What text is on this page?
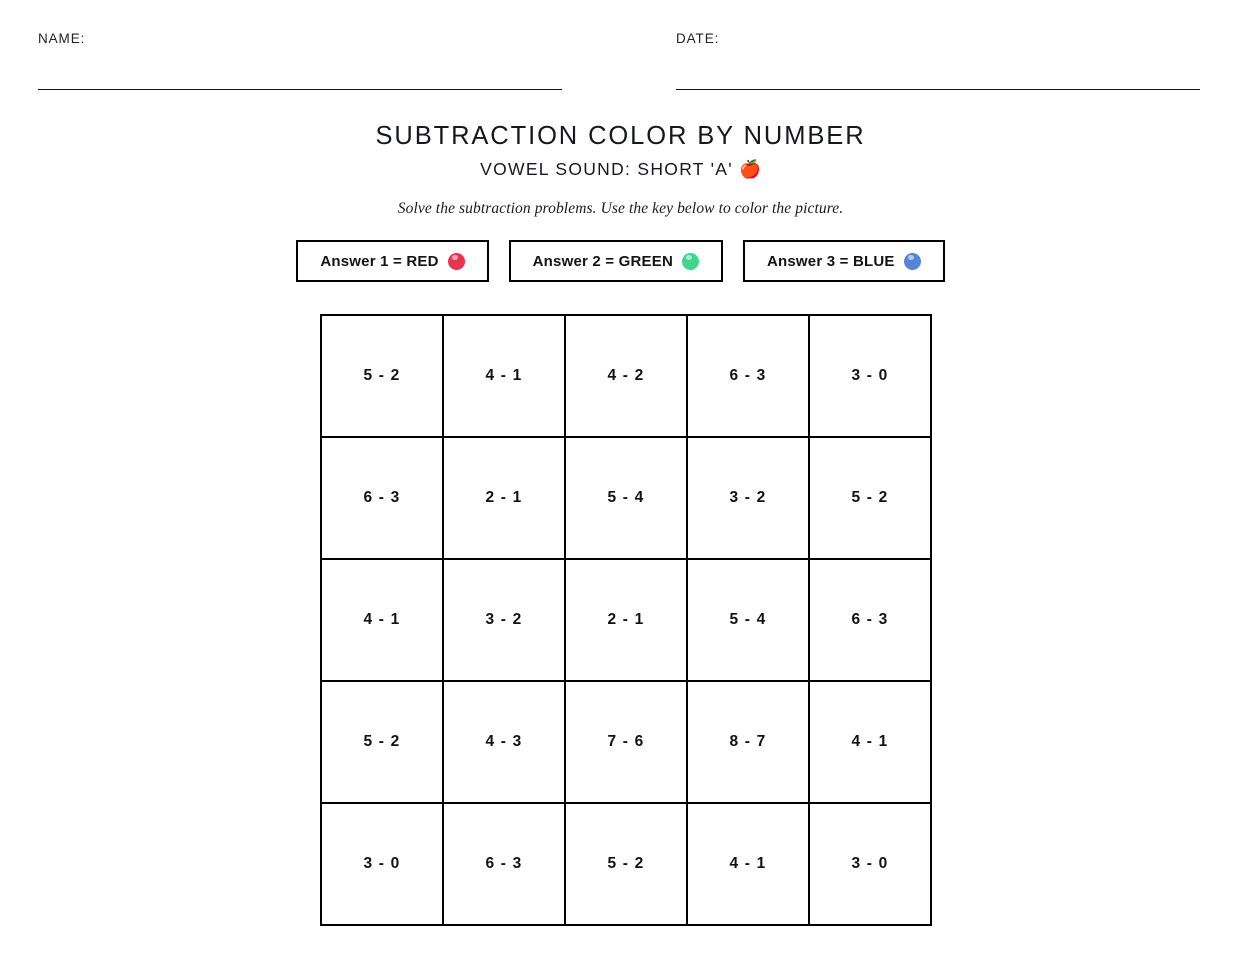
NAME:	DATE:
SUBTRACTION COLOR BY NUMBER
VOWEL SOUND: SHORT 'A' 🍎
Solve the subtraction problems. Use the key below to color the picture.
Answer 1 = RED	Answer 2 = GREEN	Answer 3 = BLUE
5 - 2	4 - 1	4 - 2	6 - 3	3 - 0

6 - 3	2 - 1	5 - 4	3 - 2	5 - 2

4 - 1	3 - 2	2 - 1	5 - 4	6 - 3

5 - 2	4 - 3	7 - 6	8 - 7	4 - 1

3 - 0	6 - 3	5 - 2	4 - 1	3 - 0
